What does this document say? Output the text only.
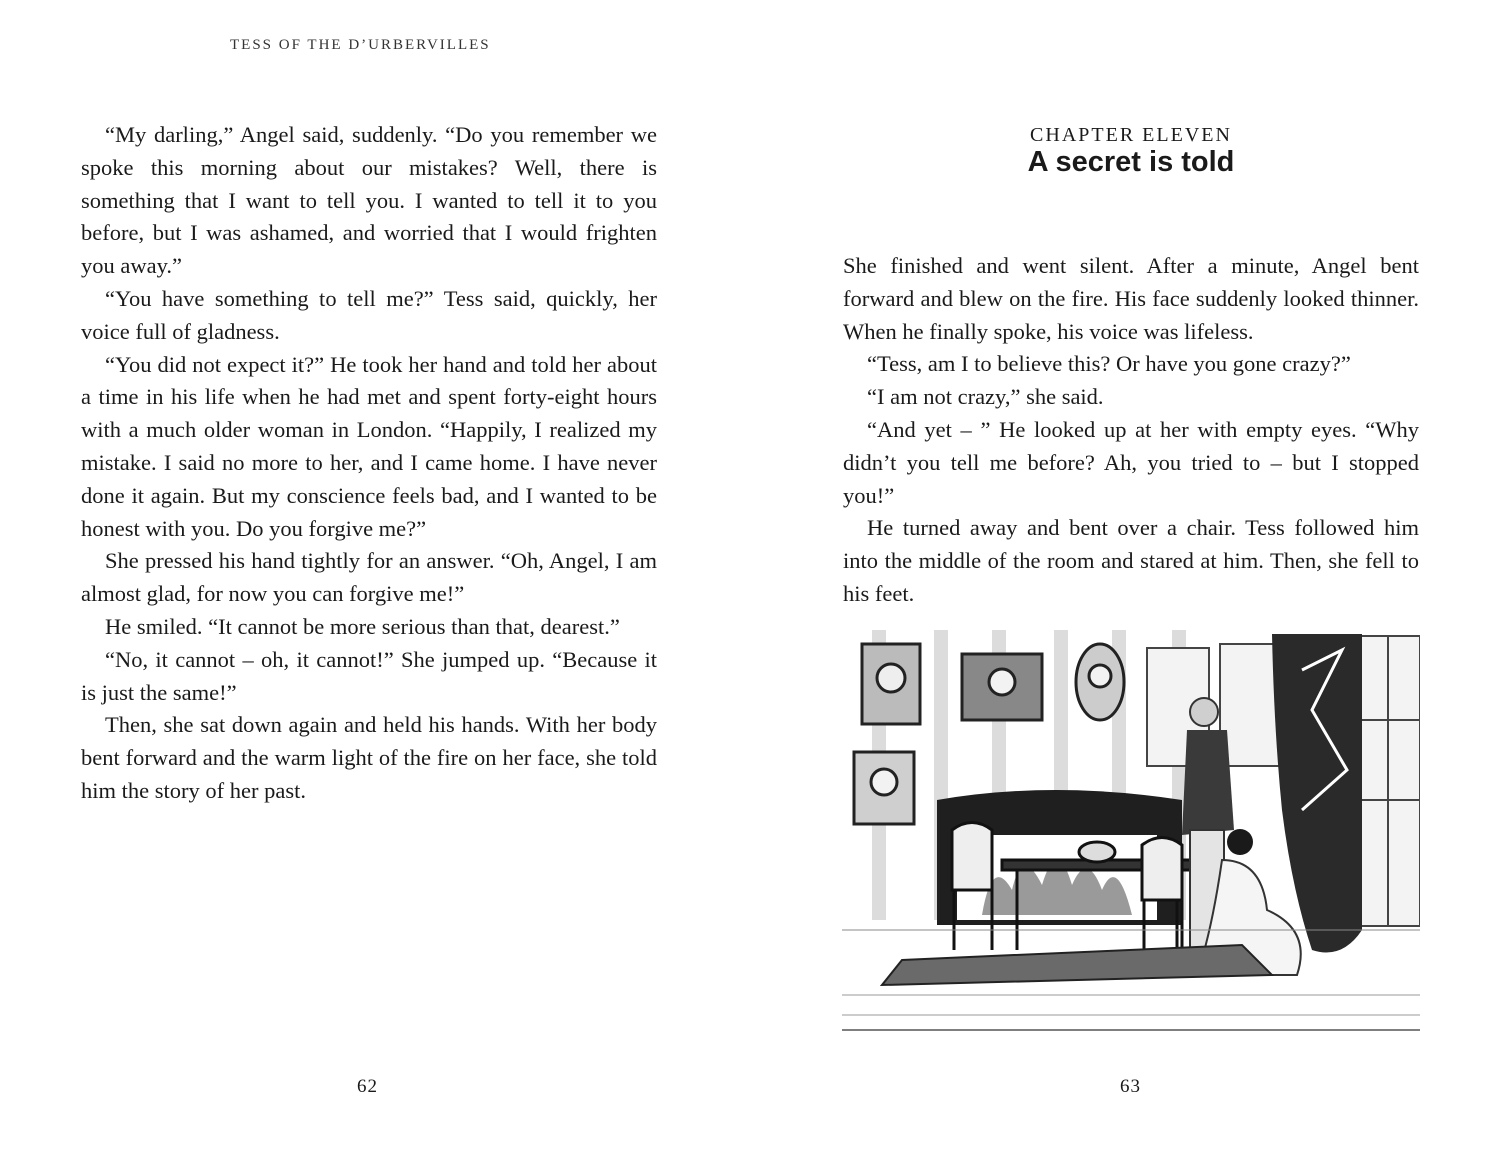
TESS OF THE D’URBERVILLES

“My darling,” Angel said, suddenly. “Do you remember we spoke this morning about our mistakes? Well, there is something that I want to tell you. I wanted to tell it to you before, but I was ashamed, and worried that I would frighten you away.”

“You have something to tell me?” Tess said, quickly, her voice full of gladness.

“You did not expect it?” He took her hand and told her about a time in his life when he had met and spent forty-eight hours with a much older woman in London. “Happily, I realized my mistake. I said no more to her, and I came home. I have never done it again. But my conscience feels bad, and I wanted to be honest with you. Do you forgive me?”

She pressed his hand tightly for an answer. “Oh, Angel, I am almost glad, for now you can forgive me!”

He smiled. “It cannot be more serious than that, dearest.”

“No, it cannot – oh, it cannot!” She jumped up. “Because it is just the same!”

Then, she sat down again and held his hands. With her body bent forward and the warm light of the fire on her face, she told him the story of her past.

62
CHAPTER ELEVEN
A secret is told

She finished and went silent. After a minute, Angel bent forward and blew on the fire. His face suddenly looked thinner. When he finally spoke, his voice was lifeless.

“Tess, am I to believe this? Or have you gone crazy?”

“I am not crazy,” she said.

“And yet – ” He looked up at her with empty eyes. “Why didn’t you tell me before? Ah, you tried to – but I stopped you!”

He turned away and bent over a chair. Tess followed him into the middle of the room and stared at him. Then, she fell to his feet.

63
